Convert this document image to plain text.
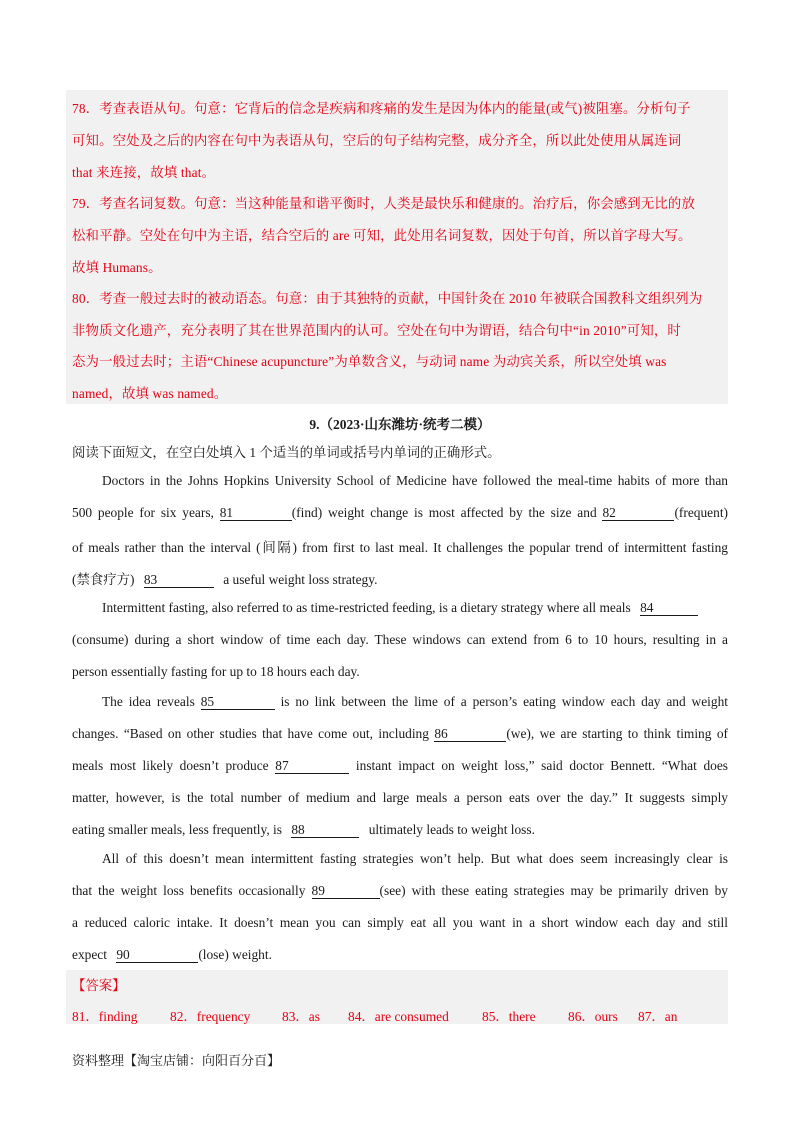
78．考查表语从句。句意：它背后的信念是疾病和疼痛的发生是因为体内的能量(或气)被阻塞。分析句子
可知。空处及之后的内容在句中为表语从句，空后的句子结构完整，成分齐全，所以此处使用从属连词
that 来连接，故填 that。
79．考查名词复数。句意：当这种能量和谐平衡时，人类是最快乐和健康的。治疗后，你会感到无比的放
松和平静。空处在句中为主语，结合空后的 are 可知，此处用名词复数，因处于句首，所以首字母大写。
故填 Humans。
80．考查一般过去时的被动语态。句意：由于其独特的贡献，中国针灸在 2010 年被联合国教科文组织列为
非物质文化遗产，充分表明了其在世界范围内的认可。空处在句中为谓语，结合句中“in 2010”可知，时
态为一般过去时；主语“Chinese acupuncture”为单数含义，与动词 name 为动宾关系，所以空处填 was
named，故填 was named。
9.（2023·山东潍坊·统考二模）
阅读下面短文，在空白处填入 1 个适当的单词或括号内单词的正确形式。
Doctors in the Johns Hopkins University School of Medicine have followed the meal-time habits of more than
500 people for six years, 81	(find) weight change is most affected by the size and 82	(frequent)
of meals rather than the interval (间隔) from first to last meal. It challenges the popular trend of intermittent fasting
(禁食疗方) 83	a useful weight loss strategy.
Intermittent fasting, also referred to as time-restricted feeding, is a dietary strategy where all meals 84
(consume) during a short window of time each day. These windows can extend from 6 to 10 hours, resulting in a
person essentially fasting for up to 18 hours each day.
The idea reveals 85	is no link between the lime of a person’s eating window each day and weight
changes. “Based on other studies that have come out, including 86	(we), we are starting to think timing of
meals most likely doesn’t produce 87	instant impact on weight loss,” said doctor Bennett. “What does
matter, however, is the total number of medium and large meals a person eats over the day.” It suggests simply
eating smaller meals, less frequently, is 88	ultimately leads to weight loss.
All of this doesn’t mean intermittent fasting strategies won’t help. But what does seem increasingly clear is
that the weight loss benefits occasionally 89	(see) with these eating strategies may be primarily driven by
a reduced caloric intake. It doesn’t mean you can simply eat all you want in a short window each day and still
expect 90	(lose) weight.
【答案】
81．finding	82．frequency	83．as	84．are consumed	85．there	86．ours	87．an
资料整理【淘宝店铺：向阳百分百】
